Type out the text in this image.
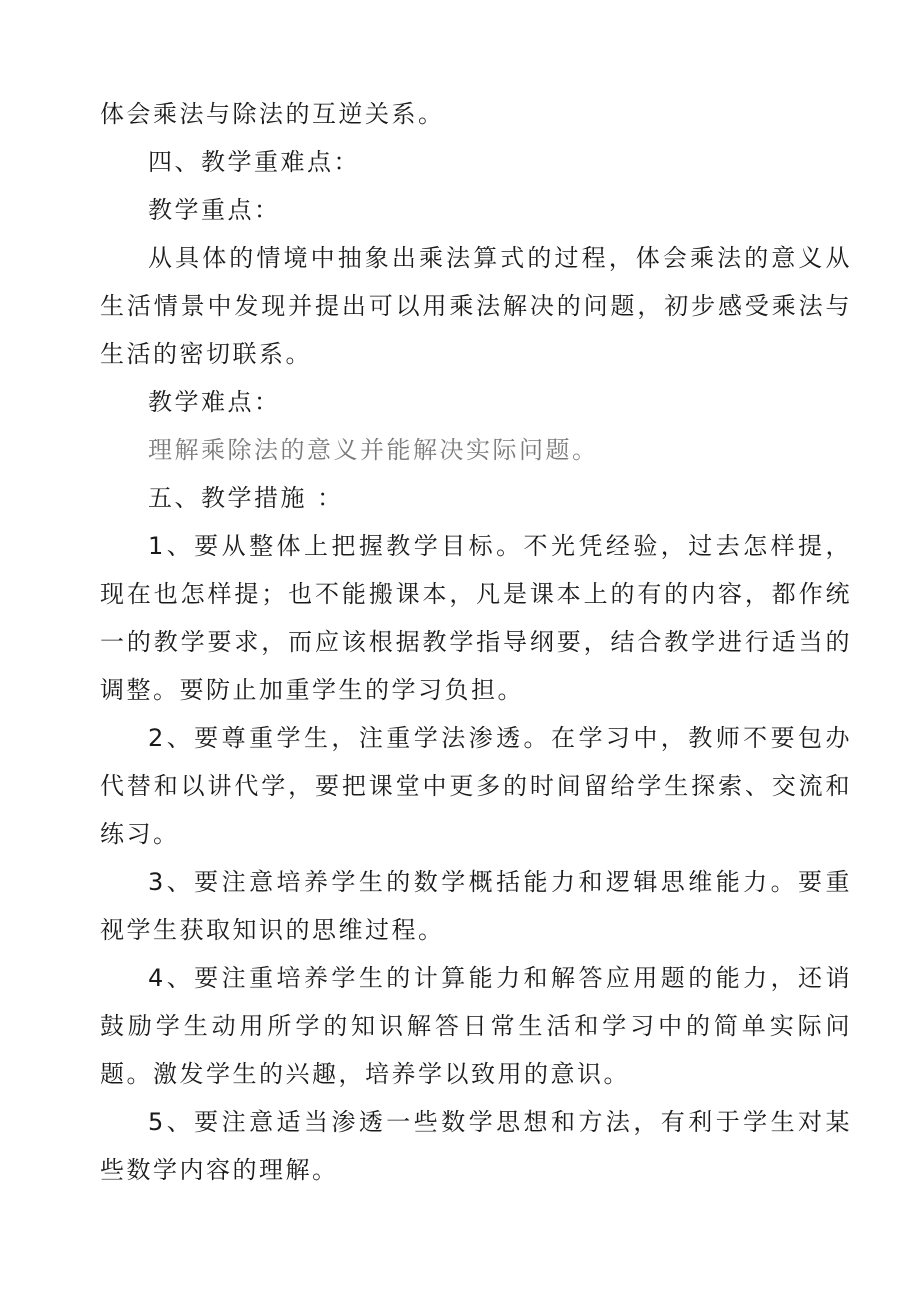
体会乘法与除法的互逆关系。

四、教学重难点：

教学重点：

从具体的情境中抽象出乘法算式的过程，体会乘法的意义从生活情景中发现并提出可以用乘法解决的问题，初步感受乘法与生活的密切联系。

教学难点：

理解乘除法的意义并能解决实际问题。

五、教学措施 ：

1、要从整体上把握教学目标。不光凭经验，过去怎样提，现在也怎样提；也不能搬课本，凡是课本上的有的内容，都作统一的教学要求，而应该根据教学指导纲要，结合教学进行适当的调整。要防止加重学生的学习负担。

2、要尊重学生，注重学法渗透。在学习中，教师不要包办代替和以讲代学，要把课堂中更多的时间留给学生探索、交流和练习。

3、要注意培养学生的数学概括能力和逻辑思维能力。要重视学生获取知识的思维过程。

4、要注重培养学生的计算能力和解答应用题的能力，还诮鼓励学生动用所学的知识解答日常生活和学习中的简单实际问题。激发学生的兴趣，培养学以致用的意识。

5、要注意适当渗透一些数学思想和方法，有利于学生对某些数学内容的理解。
